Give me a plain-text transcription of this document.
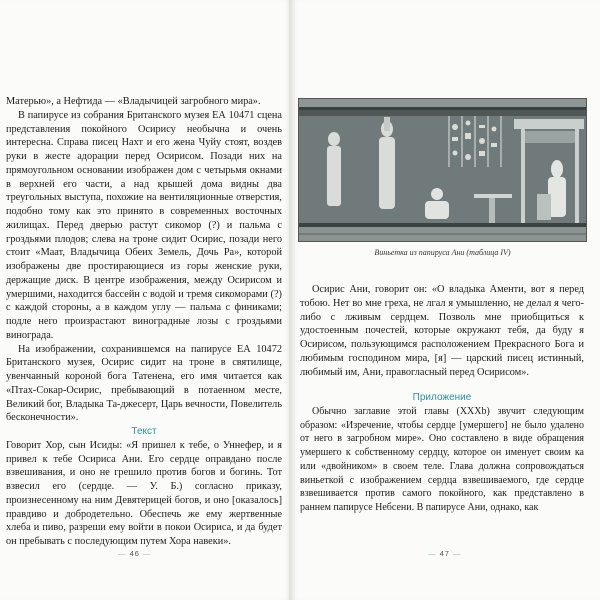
Матерью», а Нефтида — «Владычицей загробного мира».

В папирусе из собрания Британского музея ЕА 10471 сцена представления покойного Осирису необычна и очень интересна. Справа писец Нахт и его жена Чуйу стоят, воздев руки в жесте адорации перед Осирисом. Позади них на прямоугольном основании изображен дом с четырьмя окнами в верхней его части, а над крышей дома видны два треугольных выступа, похожие на вентиляционные отверстия, подобно тому как это принято в современных восточных жилищах. Перед дверью растут сикомор (?) и пальма с гроздьями плодов; слева на троне сидит Осирис, позади него стоит «Маат, Владычица Обеих Земель, Дочь Ра», которой изображены две простирающиеся из горы женские руки, держащие диск. В центре изображения, между Осирисом и умершими, находится бассейн с водой и тремя сикоморами (?) с каждой стороны, а в каждом углу — пальма с финиками; подле него произрастают виноградные лозы с гроздьями винограда.

На изображении, сохранившемся на папирусе ЕА 10472 Британского музея, Осирис сидит на троне в святилище, увенчанный короной бога Татенена, его имя читается как «Птах-Сокар-Осирис, пребывающий в потаенном месте, Великий бог, Владыка Та-джесерт, Царь вечности, Повелитель бесконечности».

Текст

Говорит Хор, сын Исиды: «Я пришел к тебе, о Уннефер, и я привел к тебе Осириса Ани. Его сердце оправдано после взвешивания, и оно не грешило против богов и богинь. Тот взвесил его (сердце. — У. Б.) согласно приказу, произнесенному на ним Девятерицей богов, и оно [оказалось] правдиво и добродетельно. Обеспечь же ему жертвенные хлеба и пиво, разреши ему войти в покои Осириса, и да будет он пребывать с последующим путем Хора навеки».

— 46 —
Виньетка из папируса Ани (таблица IV)

Осирис Ани, говорит он: «О владыка Аменти, вот я перед тобою. Нет во мне греха, не лгал я умышленно, не делал я чего-либо с лживым сердцем. Позволь мне приобщиться к удостоенным почестей, которые окружают тебя, да буду я Осирисом, пользующимся расположением Прекрасного Бога и любимым господином мира, [я] — царский писец истинный, любимый им, Ани, правогласный перед Осирисом».

Приложение

Обычно заглавие этой главы (XXXb) звучит следующим образом: «Изречение, чтобы сердце [умершего] не было удалено от него в загробном мире». Оно составлено в виде обращения умершего к собственному сердцу, которое он именует своим ка или «двойником» в своем теле. Глава должна сопровождаться виньеткой с изображением сердца взвешиваемого, где сердце взвешивается против самого покойного, как представлено в раннем папирусе Небсени. В папирусе Ани, однако, как

— 47 —
